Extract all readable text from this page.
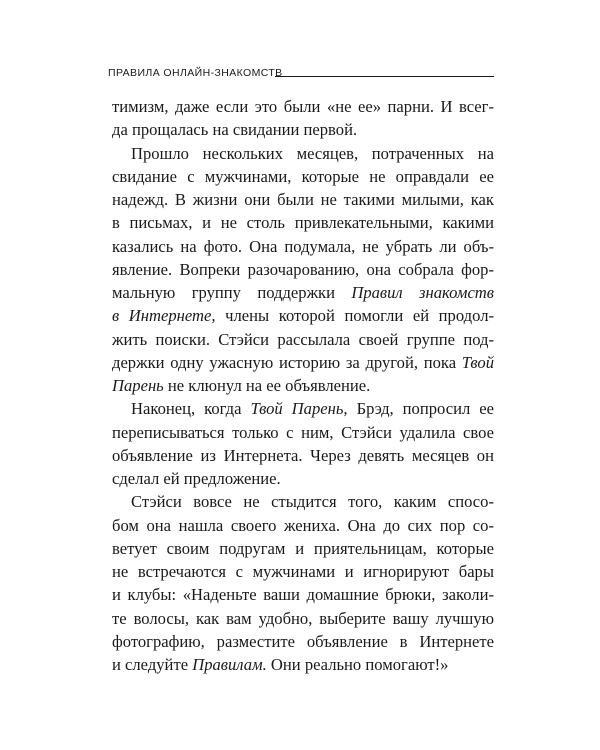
ПРАВИЛА ОНЛАЙН-ЗНАКОМСТВ
тимизм, даже если это были «не ее» парни. И всег-
да прощалась на свидании первой.
Прошло нескольких месяцев, потраченных на
свидание с мужчинами, которые не оправдали ее
надежд. В жизни они были не такими милыми, как
в письмах, и не столь привлекательными, какими
казались на фото. Она подумала, не убрать ли объ-
явление. Вопреки разочарованию, она собрала фор-
мальную группу поддержки Правил знакомств
в Интернете, члены которой помогли ей продол-
жить поиски. Стэйси рассылала своей группе под-
держки одну ужасную историю за другой, пока Твой
Парень не клюнул на ее объявление.
Наконец, когда Твой Парень, Брэд, попросил ее
переписываться только с ним, Стэйси удалила свое
объявление из Интернета. Через девять месяцев он
сделал ей предложение.
Стэйси вовсе не стыдится того, каким спосо-
бом она нашла своего жениха. Она до сих пор со-
ветует своим подругам и приятельницам, которые
не встречаются с мужчинами и игнорируют бары
и клубы: «Наденьте ваши домашние брюки, заколи-
те волосы, как вам удобно, выберите вашу лучшую
фотографию, разместите объявление в Интернете
и следуйте Правилам. Они реально помогают!»
